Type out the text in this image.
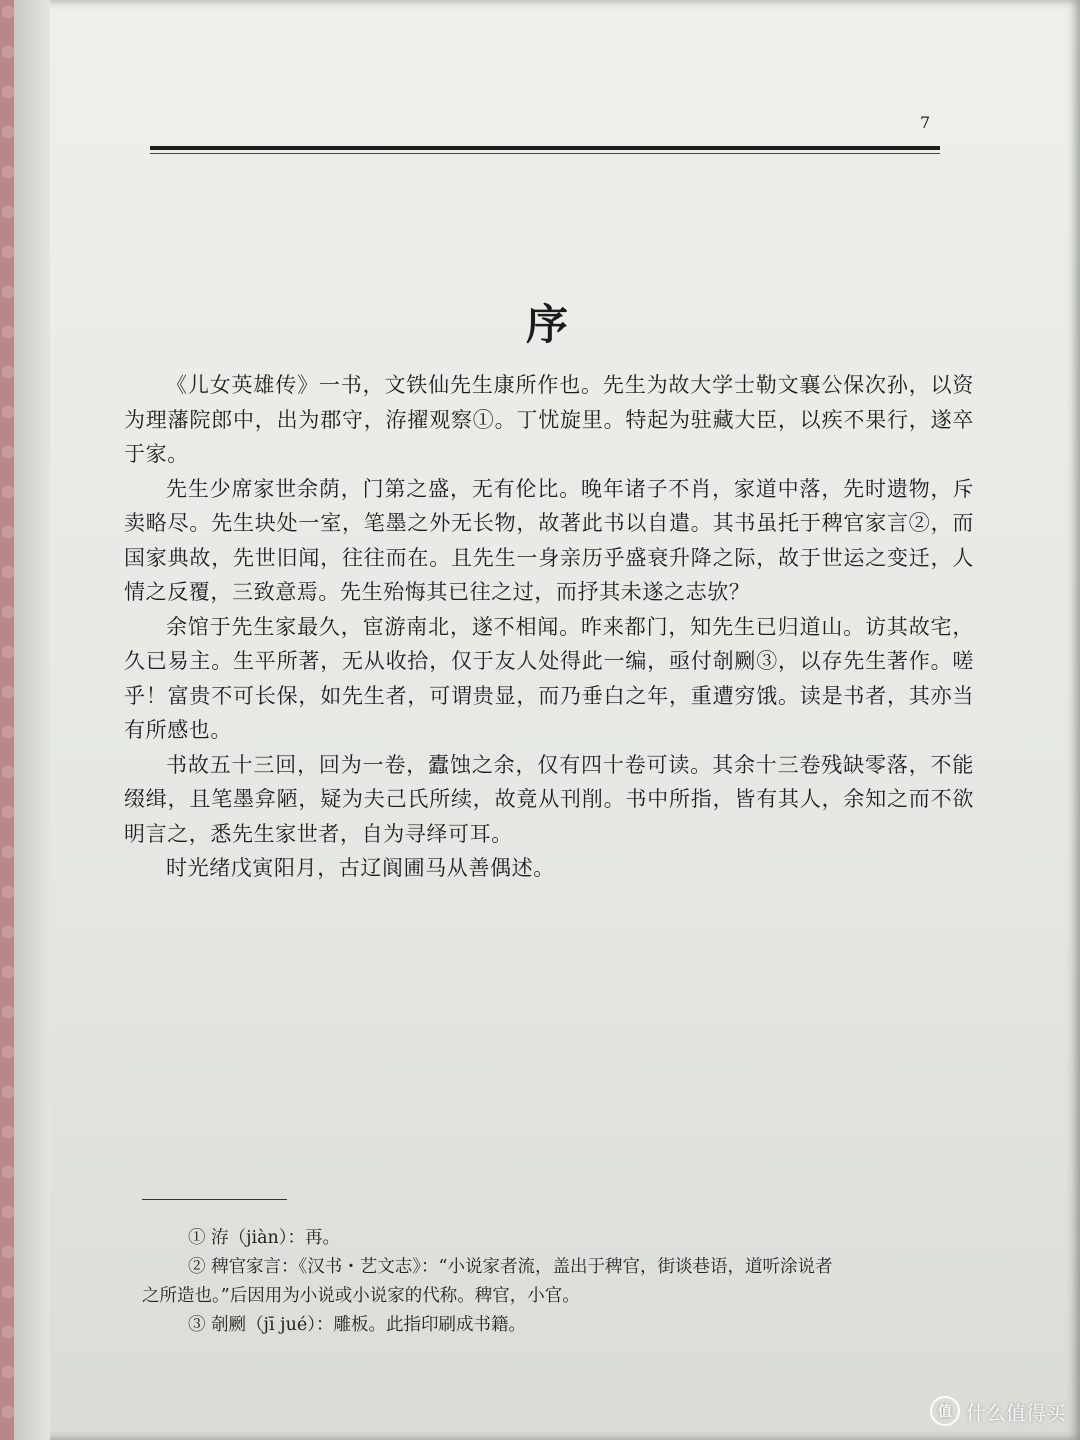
7
序

《儿女英雄传》一书，文铁仙先生康所作也。先生为故大学士勒文襄公保次孙，以资为理藩院郎中，出为郡守，洊擢观察①。丁忧旋里。特起为驻藏大臣，以疾不果行，遂卒于家。

先生少席家世余荫，门第之盛，无有伦比。晚年诸子不肖，家道中落，先时遗物，斥卖略尽。先生块处一室，笔墨之外无长物，故著此书以自遣。其书虽托于稗官家言②，而国家典故，先世旧闻，往往而在。且先生一身亲历乎盛衰升降之际，故于世运之变迁，人情之反覆，三致意焉。先生殆悔其已往之过，而抒其未遂之志欤？

余馆于先生家最久，宦游南北，遂不相闻。昨来都门，知先生已归道山。访其故宅，久已易主。生平所著，无从收拾，仅于友人处得此一编，亟付剞劂③，以存先生著作。嗟乎！富贵不可长保，如先生者，可谓贵显，而乃垂白之年，重遭穷饿。读是书者，其亦当有所感也。

书故五十三回，回为一卷，蠹蚀之余，仅有四十卷可读。其余十三卷残缺零落，不能缀缉，且笔墨弇陋，疑为夫己氏所续，故竟从刊削。书中所指，皆有其人，余知之而不欲明言之，悉先生家世者，自为寻绎可耳。

时光绪戊寅阳月，古辽阆圃马从善偶述。

① 洊（jiàn）：再。

② 稗官家言：《汉书・艺文志》：“小说家者流，盖出于稗官，街谈巷语，道听涂说者

之所造也。”后因用为小说或小说家的代称。稗官，小官。

③ 剞劂（jī jué）：雕板。此指印刷成书籍。

值 什么值得买
